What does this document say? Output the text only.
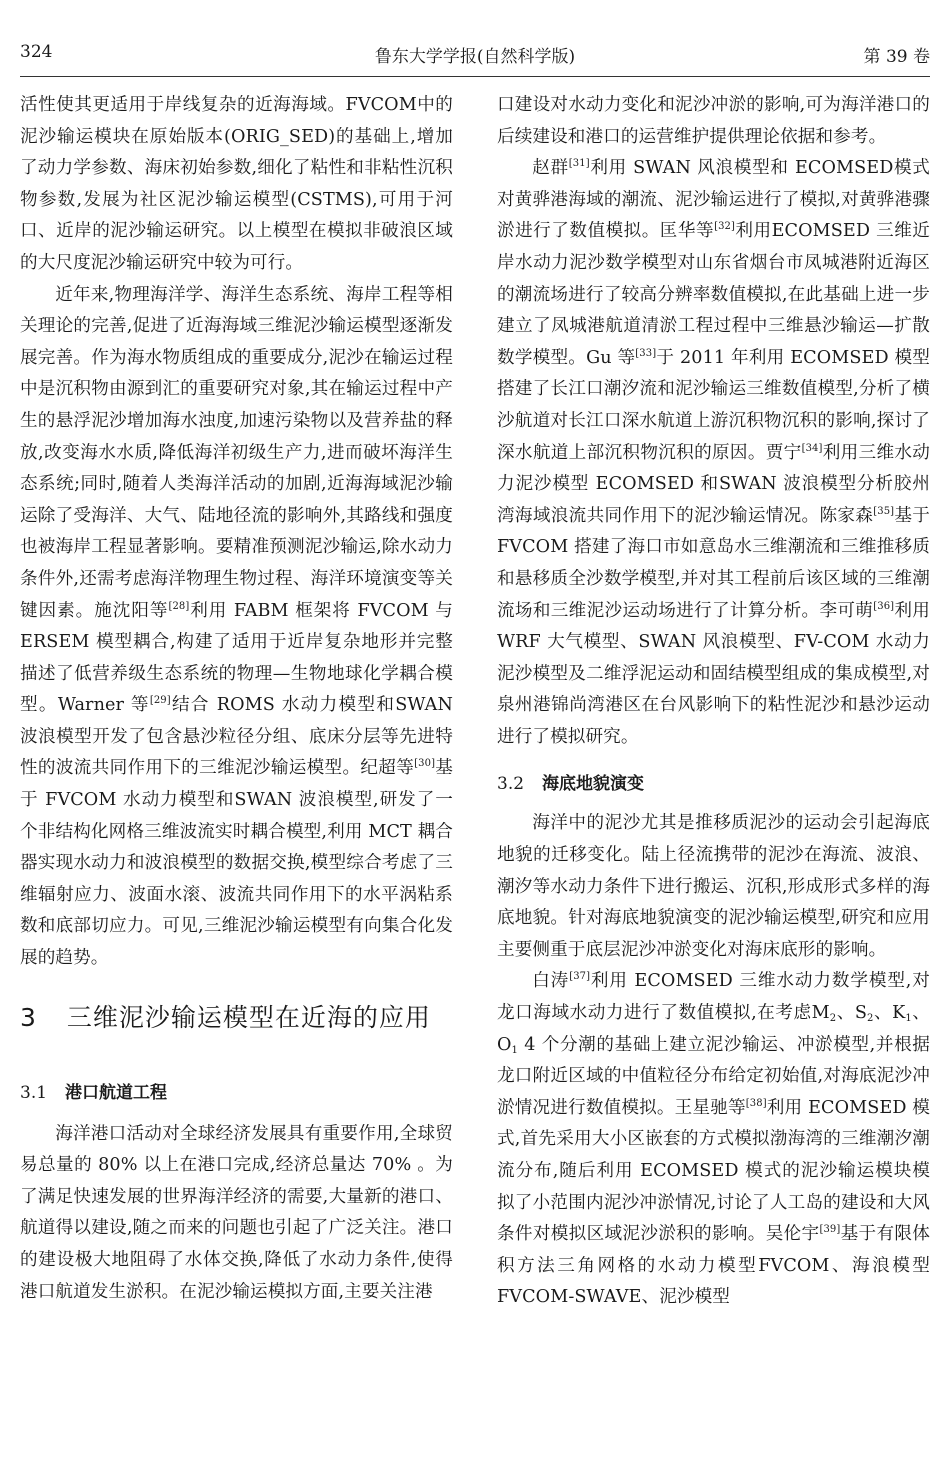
324	鲁东大学学报(自然科学版)	第 39 卷

活性使其更适用于岸线复杂的近海海域。FVCOM中的泥沙输运模块在原始版本(ORIG_SED)的基础上,增加了动力学参数、海床初始参数,细化了粘性和非粘性沉积物参数,发展为社区泥沙输运模型(CSTMS),可用于河口、近岸的泥沙输运研究。以上模型在模拟非破浪区域的大尺度泥沙输运研究中较为可行。

近年来,物理海洋学、海洋生态系统、海岸工程等相关理论的完善,促进了近海海域三维泥沙输运模型逐渐发展完善。作为海水物质组成的重要成分,泥沙在输运过程中是沉积物由源到汇的重要研究对象,其在输运过程中产生的悬浮泥沙增加海水浊度,加速污染物以及营养盐的释放,改变海水水质,降低海洋初级生产力,进而破坏海洋生态系统;同时,随着人类海洋活动的加剧,近海海域泥沙输运除了受海洋、大气、陆地径流的影响外,其路线和强度也被海岸工程显著影响。要精准预测泥沙输运,除水动力条件外,还需考虑海洋物理生物过程、海洋环境演变等关键因素。施沈阳等[28]利用 FABM 框架将 FVCOM 与 ERSEM 模型耦合,构建了适用于近岸复杂地形并完整描述了低营养级生态系统的物理—生物地球化学耦合模型。Warner 等[29]结合 ROMS 水动力模型和SWAN 波浪模型开发了包含悬沙粒径分组、底床分层等先进特性的波流共同作用下的三维泥沙输运模型。纪超等[30]基于 FVCOM 水动力模型和SWAN 波浪模型,研发了一个非结构化网格三维波流实时耦合模型,利用 MCT 耦合器实现水动力和波浪模型的数据交换,模型综合考虑了三维辐射应力、波面水滚、波流共同作用下的水平涡粘系数和底部切应力。可见,三维泥沙输运模型有向集合化发展的趋势。

3 三维泥沙输运模型在近海的应用
3.1 港口航道工程

海洋港口活动对全球经济发展具有重要作用,全球贸易总量的 80% 以上在港口完成,经济总量达 70% 。为了满足快速发展的世界海洋经济的需要,大量新的港口、航道得以建设,随之而来的问题也引起了广泛关注。港口的建设极大地阻碍了水体交换,降低了水动力条件,使得港口航道发生淤积。在泥沙输运模拟方面,主要关注港

口建设对水动力变化和泥沙冲淤的影响,可为海洋港口的后续建设和港口的运营维护提供理论依据和参考。

赵群[31]利用 SWAN 风浪模型和 ECOMSED模式对黄骅港海域的潮流、泥沙输运进行了模拟,对黄骅港骤淤进行了数值模拟。匡华等[32]利用ECOMSED 三维近岸水动力泥沙数学模型对山东省烟台市凤城港附近海区的潮流场进行了较高分辨率数值模拟,在此基础上进一步建立了凤城港航道清淤工程过程中三维悬沙输运—扩散数学模型。Gu 等[33]于 2011 年利用 ECOMSED 模型搭建了长江口潮汐流和泥沙输运三维数值模型,分析了横沙航道对长江口深水航道上游沉积物沉积的影响,探讨了深水航道上部沉积物沉积的原因。贾宁[34]利用三维水动力泥沙模型 ECOMSED 和SWAN 波浪模型分析胶州湾海域浪流共同作用下的泥沙输运情况。陈家森[35]基于 FVCOM 搭建了海口市如意岛水三维潮流和三维推移质和悬移质全沙数学模型,并对其工程前后该区域的三维潮流场和三维泥沙运动场进行了计算分析。李可萌[36]利用 WRF 大气模型、SWAN 风浪模型、FV-COM 水动力泥沙模型及二维浮泥运动和固结模型组成的集成模型,对泉州港锦尚湾港区在台风影响下的粘性泥沙和悬沙运动进行了模拟研究。

3.2 海底地貌演变

海洋中的泥沙尤其是推移质泥沙的运动会引起海底地貌的迁移变化。陆上径流携带的泥沙在海流、波浪、潮汐等水动力条件下进行搬运、沉积,形成形式多样的海底地貌。针对海底地貌演变的泥沙输运模型,研究和应用主要侧重于底层泥沙冲淤变化对海床底形的影响。

白涛[37]利用 ECOMSED 三维水动力数学模型,对龙口海域水动力进行了数值模拟,在考虑$M_2$、$S_2$、$K_1$、$O_1$ 4 个分潮的基础上建立泥沙输运、冲淤模型,并根据龙口附近区域的中值粒径分布给定初始值,对海底泥沙冲淤情况进行数值模拟。王星驰等[38]利用 ECOMSED 模式,首先采用大小区嵌套的方式模拟渤海湾的三维潮汐潮流分布,随后利用 ECOMSED 模式的泥沙输运模块模拟了小范围内泥沙冲淤情况,讨论了人工岛的建设和大风条件对模拟区域泥沙淤积的影响。吴伦宇[39]基于有限体积方法三角网格的水动力模型FVCOM、海浪模型 FVCOM-SWAVE、泥沙模型
